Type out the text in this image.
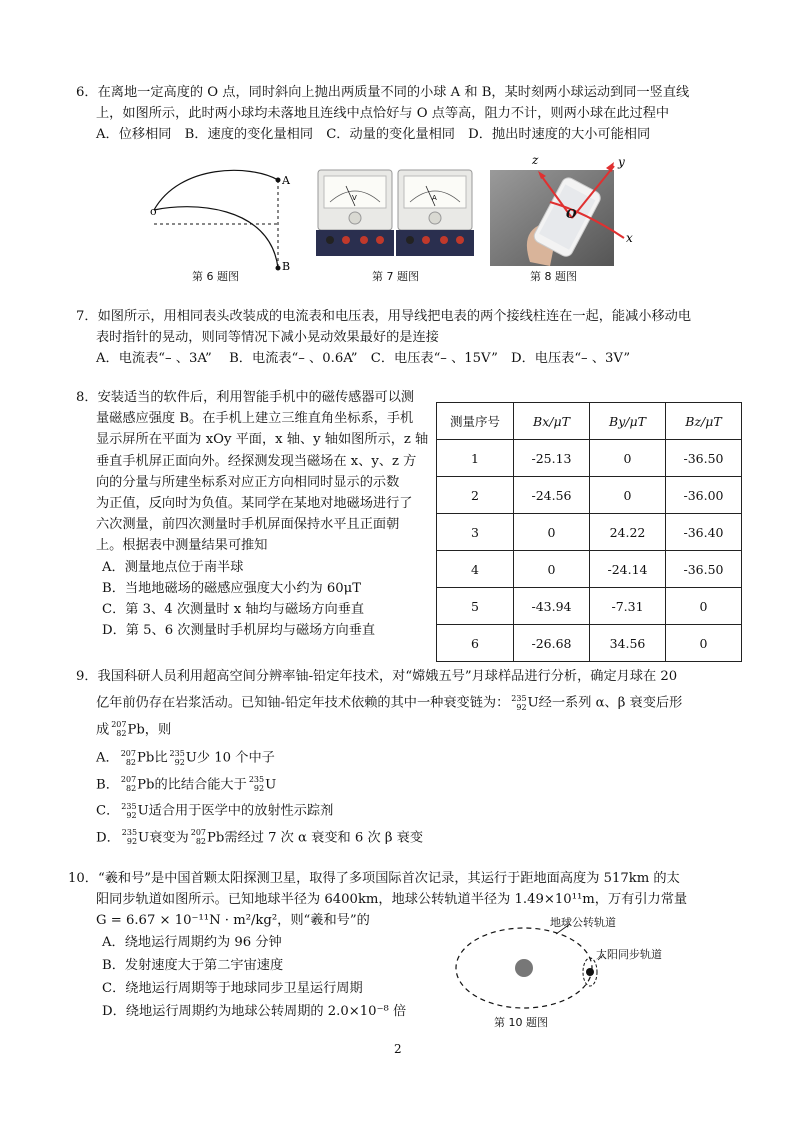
6．在离地一定高度的 O 点，同时斜向上抛出两质量不同的小球 A 和 B，某时刻两小球运动到同一竖直线
上，如图所示，此时两小球均未落地且连线中点恰好与 O 点等高，阻力不计，则两小球在此过程中
A．位移相同　B．速度的变化量相同　C．动量的变化量相同　D．抛出时速度的大小可能相同
o
A
B
第 6 题图
V	A
第 7 题图
z	y
x
O
第 8 题图
7．如图所示，用相同表头改装成的电流表和电压表，用导线把电表的两个接线柱连在一起，能减小移动电
表时指针的晃动，则同等情况下减小晃动效果最好的是连接
A．电流表“– 、3A”　 B．电流表“– 、0.6A”　C．电压表“– 、15V”　D．电压表“– 、3V”
8．安装适当的软件后，利用智能手机中的磁传感器可以测
量磁感应强度 B。在手机上建立三维直角坐标系，手机
显示屏所在平面为 xOy 平面，x 轴、y 轴如图所示，z 轴
垂直手机屏正面向外。经探测发现当磁场在 x、y、z 方
向的分量与所建坐标系对应正方向相同时显示的示数
为正值，反向时为负值。某同学在某地对地磁场进行了
六次测量，前四次测量时手机屏面保持水平且正面朝
上。根据表中测量结果可推知
A．测量地点位于南半球
B．当地地磁场的磁感应强度大小约为 60μT
C．第 3、4 次测量时 x 轴均与磁场方向垂直
D．第 5、6 次测量时手机屏均与磁场方向垂直
测量序号	Bx/μT	By/μT	Bz/μT
1	-25.13	0	-36.50
2	-24.56	0	-36.00
3	0	24.22	-36.40
4	0	-24.14	-36.50
5	-43.94	-7.31	0
6	-26.68	34.56	0
9．我国科研人员利用超高空间分辨率铀-铅定年技术，对“嫦娥五号”月球样品进行分析，确定月球在 20
亿年前仍存在岩浆活动。已知铀-铅定年技术依赖的其中一种衰变链为： 235
92 U经一系列 α、β 衰变后形
成 207
82 Pb，则
A． 207
82 Pb比 235
92 U少 10 个中子
B． 207
82 Pb的比结合能大于 235
92 U
C． 235
92 U适合用于医学中的放射性示踪剂
D． 235
92 U衰变为 207
82 Pb需经过 7 次 α 衰变和 6 次 β 衰变
10．“羲和号”是中国首颗太阳探测卫星，取得了多项国际首次记录，其运行于距地面高度为 517km 的太
阳同步轨道如图所示。已知地球半径为 6400km，地球公转轨道半径为 1.49×10¹¹m，万有引力常量
G = 6.67 × 10⁻¹¹N · m²/kg²，则“羲和号”的
A．绕地运行周期约为 96 分钟
B．发射速度大于第二宇宙速度
C．绕地运行周期等于地球同步卫星运行周期
D．绕地运行周期约为地球公转周期的 2.0×10⁻⁸ 倍
地球公转轨道
太阳同步轨道
第 10 题图
2
